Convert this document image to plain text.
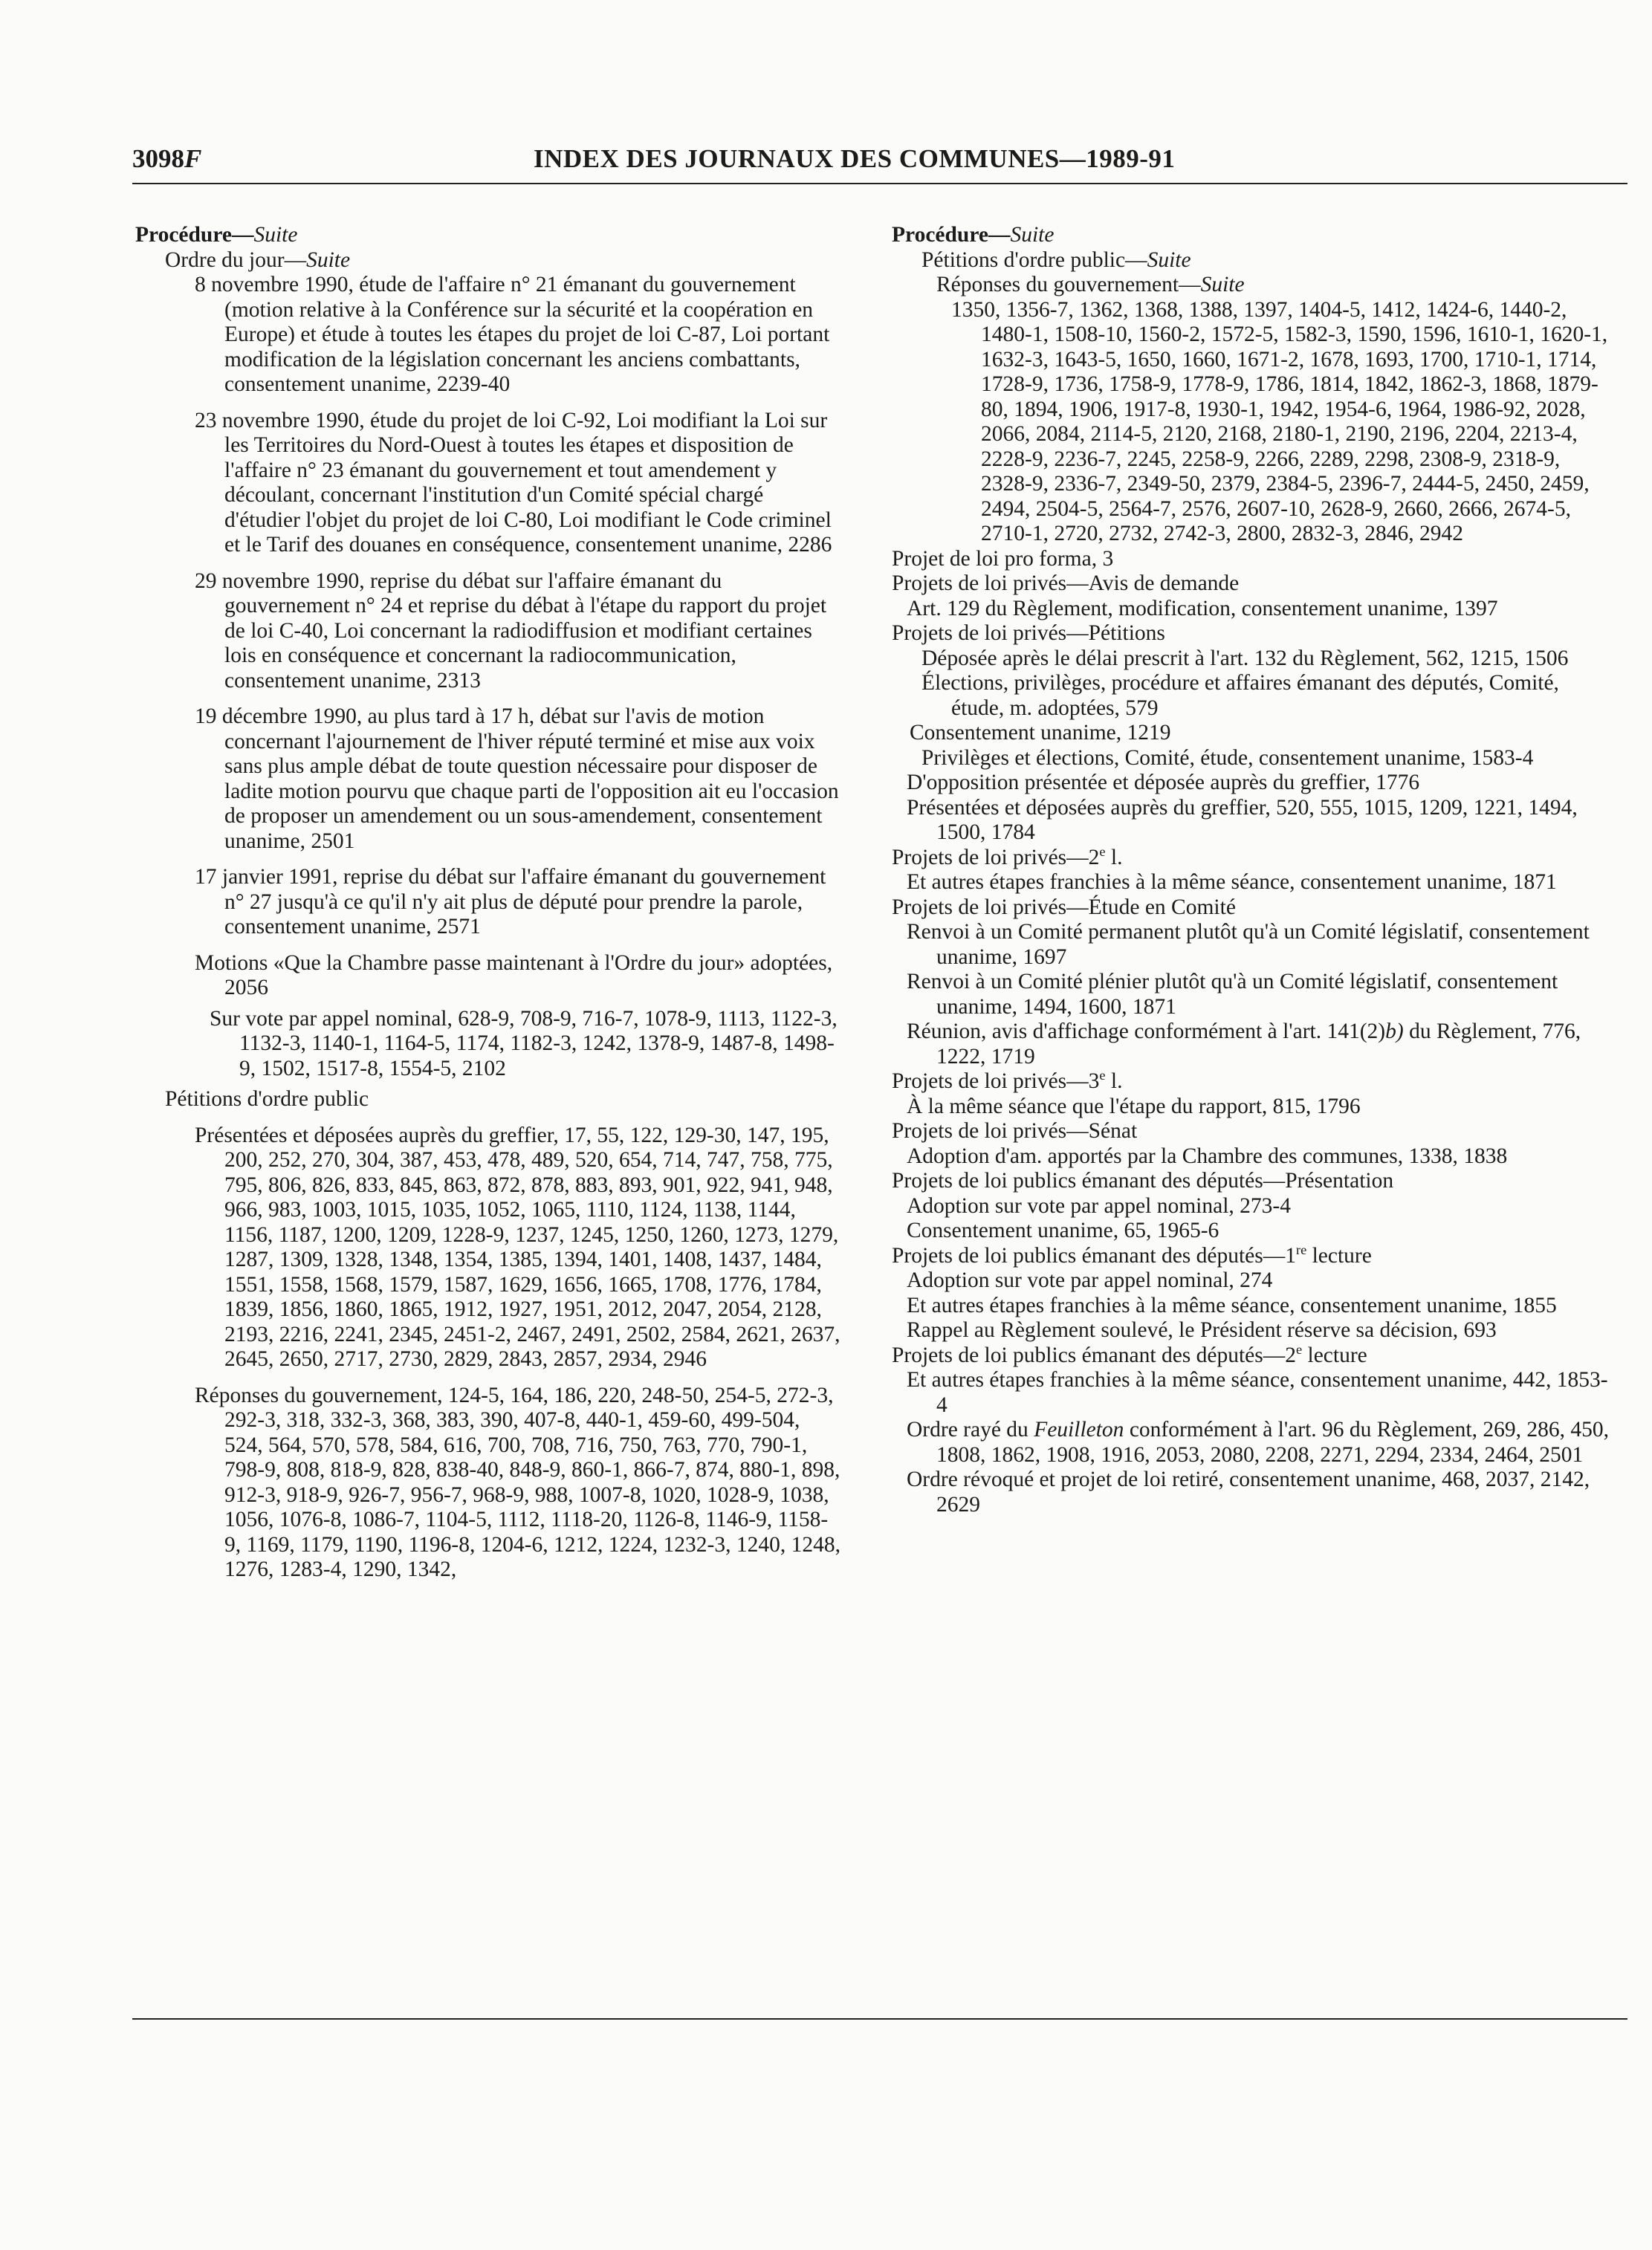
3098F	INDEX DES JOURNAUX DES COMMUNES—1989-91
Procédure—Suite
Ordre du jour—Suite
8 novembre 1990, étude de l'affaire n° 21 émanant du gouvernement (motion relative à la Conférence sur la sécurité et la coopération en Europe) et étude à toutes les étapes du projet de loi C-87, Loi portant modification de la législation concernant les anciens combattants, consentement unanime, 2239-40
23 novembre 1990, étude du projet de loi C-92, Loi modifiant la Loi sur les Territoires du Nord-Ouest à toutes les étapes et disposition de l'affaire n° 23 émanant du gouvernement et tout amendement y découlant, concernant l'institution d'un Comité spécial chargé d'étudier l'objet du projet de loi C-80, Loi modifiant le Code criminel et le Tarif des douanes en conséquence, consentement unanime, 2286
29 novembre 1990, reprise du débat sur l'affaire émanant du gouvernement n° 24 et reprise du débat à l'étape du rapport du projet de loi C-40, Loi concernant la radiodiffusion et modifiant certaines lois en conséquence et concernant la radiocommunication, consentement unanime, 2313
19 décembre 1990, au plus tard à 17 h, débat sur l'avis de motion concernant l'ajournement de l'hiver réputé terminé et mise aux voix sans plus ample débat de toute question nécessaire pour disposer de ladite motion pourvu que chaque parti de l'opposition ait eu l'occasion de proposer un amendement ou un sous-amendement, consentement unanime, 2501
17 janvier 1991, reprise du débat sur l'affaire émanant du gouvernement n° 27 jusqu'à ce qu'il n'y ait plus de député pour prendre la parole, consentement unanime, 2571
Motions «Que la Chambre passe maintenant à l'Ordre du jour» adoptées, 2056
Sur vote par appel nominal, 628-9, 708-9, 716-7, 1078-9, 1113, 1122-3, 1132-3, 1140-1, 1164-5, 1174, 1182-3, 1242, 1378-9, 1487-8, 1498-9, 1502, 1517-8, 1554-5, 2102
Pétitions d'ordre public
Présentées et déposées auprès du greffier, 17, 55, 122, 129-30, 147, 195, 200, 252, 270, 304, 387, 453, 478, 489, 520, 654, 714, 747, 758, 775, 795, 806, 826, 833, 845, 863, 872, 878, 883, 893, 901, 922, 941, 948, 966, 983, 1003, 1015, 1035, 1052, 1065, 1110, 1124, 1138, 1144, 1156, 1187, 1200, 1209, 1228-9, 1237, 1245, 1250, 1260, 1273, 1279, 1287, 1309, 1328, 1348, 1354, 1385, 1394, 1401, 1408, 1437, 1484, 1551, 1558, 1568, 1579, 1587, 1629, 1656, 1665, 1708, 1776, 1784, 1839, 1856, 1860, 1865, 1912, 1927, 1951, 2012, 2047, 2054, 2128, 2193, 2216, 2241, 2345, 2451-2, 2467, 2491, 2502, 2584, 2621, 2637, 2645, 2650, 2717, 2730, 2829, 2843, 2857, 2934, 2946
Réponses du gouvernement, 124-5, 164, 186, 220, 248-50, 254-5, 272-3, 292-3, 318, 332-3, 368, 383, 390, 407-8, 440-1, 459-60, 499-504, 524, 564, 570, 578, 584, 616, 700, 708, 716, 750, 763, 770, 790-1, 798-9, 808, 818-9, 828, 838-40, 848-9, 860-1, 866-7, 874, 880-1, 898, 912-3, 918-9, 926-7, 956-7, 968-9, 988, 1007-8, 1020, 1028-9, 1038, 1056, 1076-8, 1086-7, 1104-5, 1112, 1118-20, 1126-8, 1146-9, 1158-9, 1169, 1179, 1190, 1196-8, 1204-6, 1212, 1224, 1232-3, 1240, 1248, 1276, 1283-4, 1290, 1342,
Procédure—Suite
Pétitions d'ordre public—Suite
Réponses du gouvernement—Suite
1350, 1356-7, 1362, 1368, 1388, 1397, 1404-5, 1412, 1424-6, 1440-2, 1480-1, 1508-10, 1560-2, 1572-5, 1582-3, 1590, 1596, 1610-1, 1620-1, 1632-3, 1643-5, 1650, 1660, 1671-2, 1678, 1693, 1700, 1710-1, 1714, 1728-9, 1736, 1758-9, 1778-9, 1786, 1814, 1842, 1862-3, 1868, 1879-80, 1894, 1906, 1917-8, 1930-1, 1942, 1954-6, 1964, 1986-92, 2028, 2066, 2084, 2114-5, 2120, 2168, 2180-1, 2190, 2196, 2204, 2213-4, 2228-9, 2236-7, 2245, 2258-9, 2266, 2289, 2298, 2308-9, 2318-9, 2328-9, 2336-7, 2349-50, 2379, 2384-5, 2396-7, 2444-5, 2450, 2459, 2494, 2504-5, 2564-7, 2576, 2607-10, 2628-9, 2660, 2666, 2674-5, 2710-1, 2720, 2732, 2742-3, 2800, 2832-3, 2846, 2942
Projet de loi pro forma, 3
Projets de loi privés—Avis de demande
Art. 129 du Règlement, modification, consentement unanime, 1397
Projets de loi privés—Pétitions
Déposée après le délai prescrit à l'art. 132 du Règlement, 562, 1215, 1506
Élections, privilèges, procédure et affaires émanant des députés, Comité, étude, m. adoptées, 579
Consentement unanime, 1219
Privilèges et élections, Comité, étude, consentement unanime, 1583-4
D'opposition présentée et déposée auprès du greffier, 1776
Présentées et déposées auprès du greffier, 520, 555, 1015, 1209, 1221, 1494, 1500, 1784
Projets de loi privés—2e l.
Et autres étapes franchies à la même séance, consentement unanime, 1871
Projets de loi privés—Étude en Comité
Renvoi à un Comité permanent plutôt qu'à un Comité législatif, consentement unanime, 1697
Renvoi à un Comité plénier plutôt qu'à un Comité législatif, consentement unanime, 1494, 1600, 1871
Réunion, avis d'affichage conformément à l'art. 141(2)b) du Règlement, 776, 1222, 1719
Projets de loi privés—3e l.
À la même séance que l'étape du rapport, 815, 1796
Projets de loi privés—Sénat
Adoption d'am. apportés par la Chambre des communes, 1338, 1838
Projets de loi publics émanant des députés—Présentation
Adoption sur vote par appel nominal, 273-4
Consentement unanime, 65, 1965-6
Projets de loi publics émanant des députés—1re lecture
Adoption sur vote par appel nominal, 274
Et autres étapes franchies à la même séance, consentement unanime, 1855
Rappel au Règlement soulevé, le Président réserve sa décision, 693
Projets de loi publics émanant des députés—2e lecture
Et autres étapes franchies à la même séance, consentement unanime, 442, 1853-4
Ordre rayé du Feuilleton conformément à l'art. 96 du Règlement, 269, 286, 450, 1808, 1862, 1908, 1916, 2053, 2080, 2208, 2271, 2294, 2334, 2464, 2501
Ordre révoqué et projet de loi retiré, consentement unanime, 468, 2037, 2142, 2629
